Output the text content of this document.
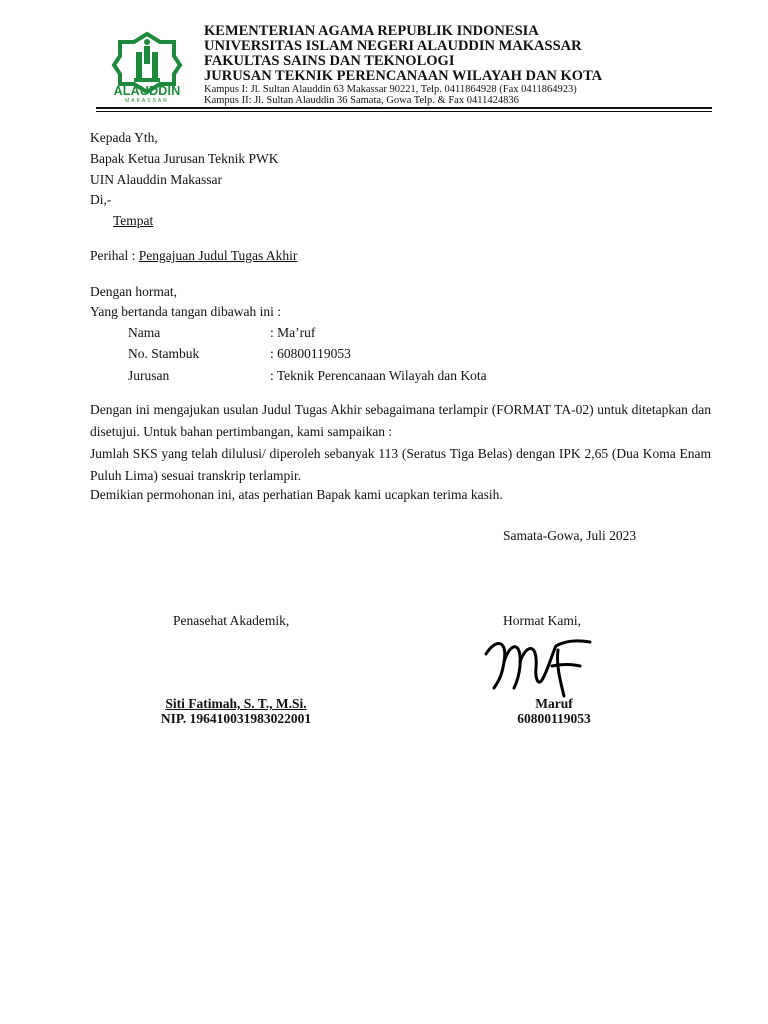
ALAUDDIN
MAKASSAR
KEMENTERIAN AGAMA REPUBLIK INDONESIA
UNIVERSITAS ISLAM NEGERI ALAUDDIN MAKASSAR
FAKULTAS SAINS DAN TEKNOLOGI
JURUSAN TEKNIK PERENCANAAN WILAYAH DAN KOTA
Kampus I: Jl. Sultan Alauddin 63 Makassar 90221, Telp. 0411864928 (Fax 0411864923)
Kampus II: Jl. Sultan Alauddin 36 Samata, Gowa Telp. & Fax 0411424836
Kepada Yth,
Bapak Ketua Jurusan Teknik PWK
UIN Alauddin Makassar
Di,-
Tempat
Perihal : Pengajuan Judul Tugas Akhir
Dengan hormat,
Yang bertanda tangan dibawah ini :
Nama	: Ma’ruf
No. Stambuk	: 60800119053
Jurusan	: Teknik Perencanaan Wilayah dan Kota
Dengan ini mengajukan usulan Judul Tugas Akhir sebagaimana terlampir (FORMAT TA-02) untuk ditetapkan dan disetujui. Untuk bahan pertimbangan, kami sampaikan :
Jumlah SKS yang telah dilulusi/ diperoleh sebanyak 113 (Seratus Tiga Belas) dengan IPK 2,65 (Dua Koma Enam Puluh Lima) sesuai transkrip terlampir.
Demikian permohonan ini, atas perhatian Bapak kami ucapkan terima kasih.
Samata-Gowa, Juli 2023
Penasehat Akademik,	Hormat Kami,
Siti Fatimah, S. T., M.Si.
NIP. 196410031983022001
Maruf
60800119053
